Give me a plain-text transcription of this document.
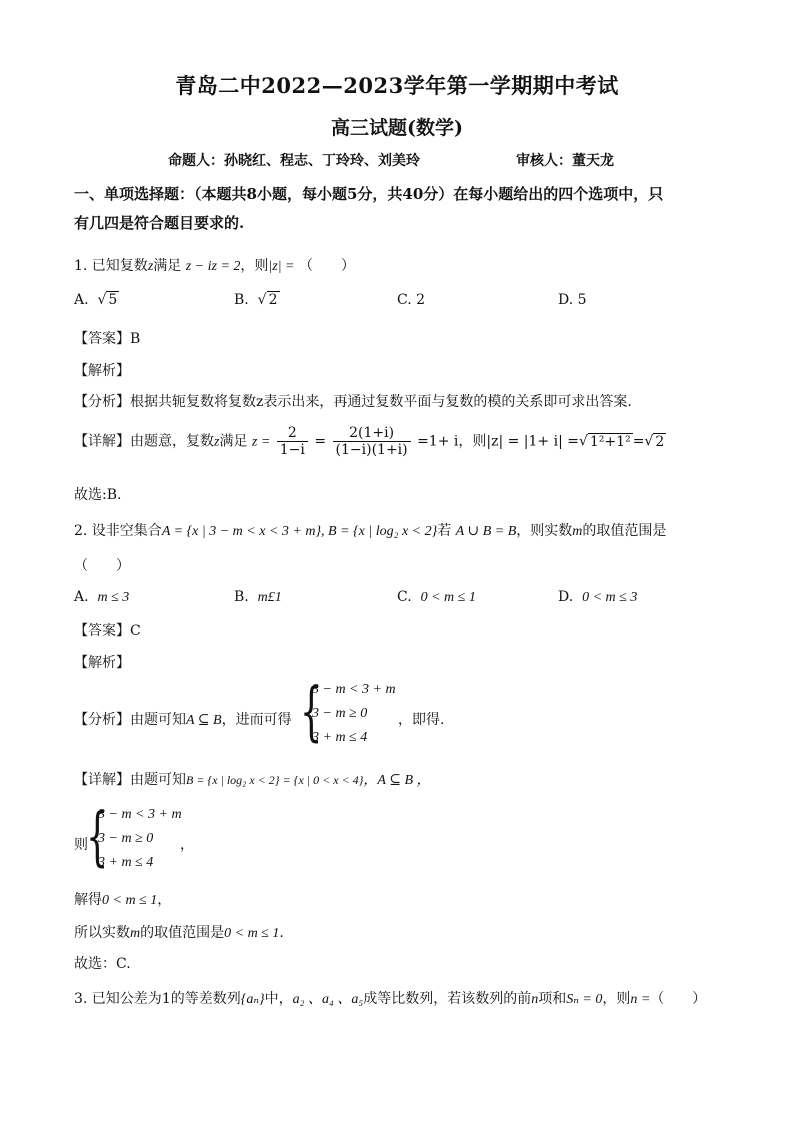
青岛二中2022—2023学年第一学期期中考试
高三试题(数学)
命题人：孙晓红、程志、丁玲玲、刘美玲	审核人：董天龙
一、单项选择题：（本题共8小题，每小题5分，共40分）在每小题给出的四个选项中，只
有几四是符合题目要求的.
1. 已知复数z满足 z − iz = 2，则|z| = （　　）
A.  √ 5	B.  √ 2	C. 2	D. 5
【答案】B
【解析】
【分析】根据共轭复数将复数z表示出来，再通过复数平面与复数的模的关系即可求出答案.
【详解】由题意，复数z满足 $z = \frac{2}{1-i} = \frac{2(1+i)}{(1-i)(1+i)} =1+ i$，则|z| = |1+ i| =√ 1²+1² =√ 2
故选:B.
2. 设非空集合A = {x | 3 − m < x < 3 + m}, B = {x | log₂ x < 2}若 A ∪ B = B，则实数m的取值范围是
（　　）
A. m ≤ 3	B. m£1	C. 0 < m ≤ 1	D. 0 < m ≤ 3
【答案】C
【解析】
【分析】由题可知A ⊆ B，进而可得 {
3 − m < 3 + m
3 − m ≥ 0
3 + m ≤ 4
，即得.
【详解】由题可知B = {x | log₂ x < 2} = {x | 0 < x < 4}，A ⊆ B ，
则
{
3 − m < 3 + m
3 − m ≥ 0
3 + m ≤ 4
，
解得0 < m ≤ 1，
所以实数m的取值范围是0 < m ≤ 1.
故选：C.
3. 已知公差为1的等差数列{aₙ}中，a₂ 、a₄ 、a₅成等比数列，若该数列的前n项和Sₙ = 0，则n =（　　）
